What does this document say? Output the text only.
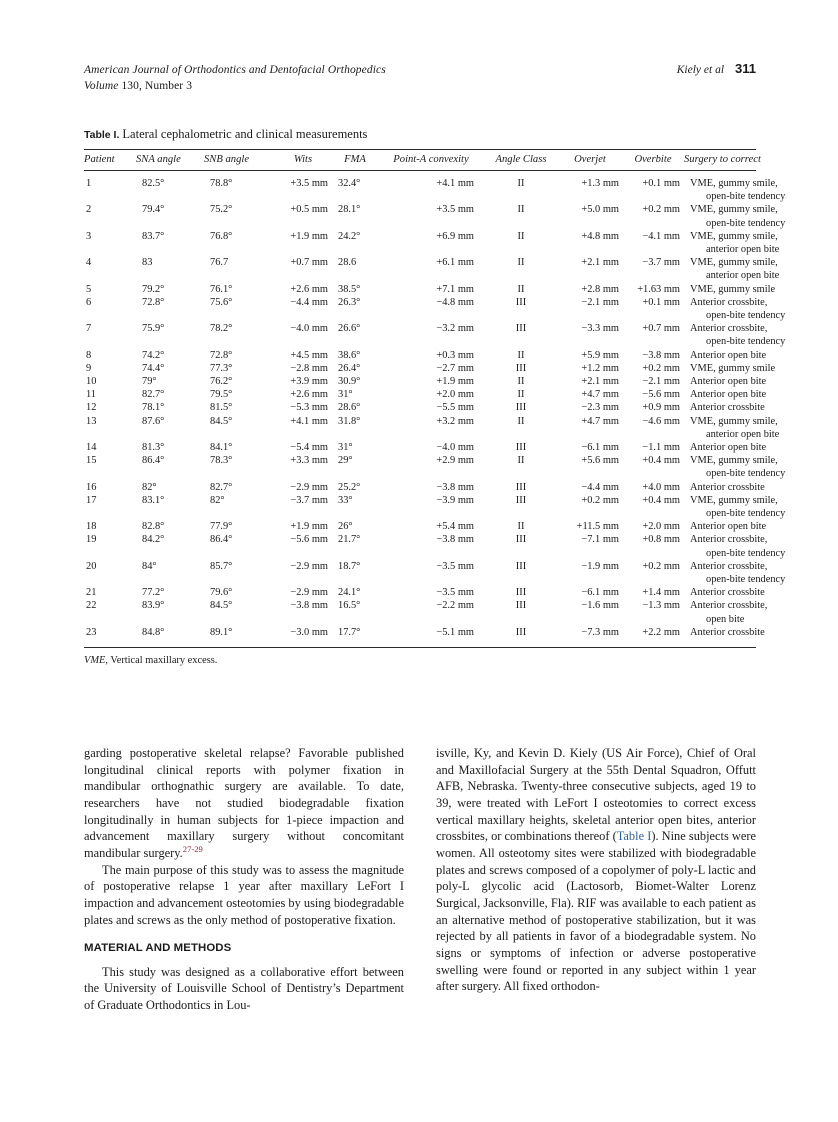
American Journal of Orthodontics and Dentofacial Orthopedics	Kiely et al 311
Volume 130, Number 3
Table I. Lateral cephalometric and clinical measurements
Patient	SNA angle	SNB angle	Wits	FMA	Point-A convexity	Angle Class	Overjet	Overbite	Surgery to correct

1	82.5°	78.8°	+3.5 mm	32.4°	+4.1 mm	II	+1.3 mm	+0.1 mm	VME, gummy smile,
open-bite tendency

2	79.4°	75.2°	+0.5 mm	28.1°	+3.5 mm	II	+5.0 mm	+0.2 mm	VME, gummy smile,
open-bite tendency

3	83.7°	76.8°	+1.9 mm	24.2°	+6.9 mm	II	+4.8 mm	−4.1 mm	VME, gummy smile,
anterior open bite

4	83	76.7	+0.7 mm	28.6	+6.1 mm	II	+2.1 mm	−3.7 mm	VME, gummy smile,
anterior open bite

5	79.2°	76.1°	+2.6 mm	38.5°	+7.1 mm	II	+2.8 mm	+1.63 mm	VME, gummy smile

6	72.8°	75.6°	−4.4 mm	26.3°	−4.8 mm	III	−2.1 mm	+0.1 mm	Anterior crossbite,
open-bite tendency

7	75.9°	78.2°	−4.0 mm	26.6°	−3.2 mm	III	−3.3 mm	+0.7 mm	Anterior crossbite,
open-bite tendency

8	74.2°	72.8°	+4.5 mm	38.6°	+0.3 mm	II	+5.9 mm	−3.8 mm	Anterior open bite

9	74.4°	77.3°	−2.8 mm	26.4°	−2.7 mm	III	+1.2 mm	+0.2 mm	VME, gummy smile

10	79°	76.2°	+3.9 mm	30.9°	+1.9 mm	II	+2.1 mm	−2.1 mm	Anterior open bite

11	82.7°	79.5°	+2.6 mm	31°	+2.0 mm	II	+4.7 mm	−5.6 mm	Anterior open bite

12	78.1°	81.5°	−5.3 mm	28.6°	−5.5 mm	III	−2.3 mm	+0.9 mm	Anterior crossbite

13	87.6°	84.5°	+4.1 mm	31.8°	+3.2 mm	II	+4.7 mm	−4.6 mm	VME, gummy smile,
anterior open bite

14	81.3°	84.1°	−5.4 mm	31°	−4.0 mm	III	−6.1 mm	−1.1 mm	Anterior open bite

15	86.4°	78.3°	+3.3 mm	29°	+2.9 mm	II	+5.6 mm	+0.4 mm	VME, gummy smile,
open-bite tendency

16	82°	82.7°	−2.9 mm	25.2°	−3.8 mm	III	−4.4 mm	+4.0 mm	Anterior crossbite

17	83.1°	82°	−3.7 mm	33°	−3.9 mm	III	+0.2 mm	+0.4 mm	VME, gummy smile,
open-bite tendency

18	82.8°	77.9°	+1.9 mm	26°	+5.4 mm	II	+11.5 mm	+2.0 mm	Anterior open bite

19	84.2°	86.4°	−5.6 mm	21.7°	−3.8 mm	III	−7.1 mm	+0.8 mm	Anterior crossbite,
open-bite tendency

20	84°	85.7°	−2.9 mm	18.7°	−3.5 mm	III	−1.9 mm	+0.2 mm	Anterior crossbite,
open-bite tendency

21	77.2°	79.6°	−2.9 mm	24.1°	−3.5 mm	III	−6.1 mm	+1.4 mm	Anterior crossbite

22	83.9°	84.5°	−3.8 mm	16.5°	−2.2 mm	III	−1.6 mm	−1.3 mm	Anterior crossbite,
open bite

23	84.8°	89.1°	−3.0 mm	17.7°	−5.1 mm	III	−7.3 mm	+2.2 mm	Anterior crossbite
VME, Vertical maxillary excess.

garding postoperative skeletal relapse? Favorable published longitudinal clinical reports with polymer fixation in mandibular orthognathic surgery are available. To date, researchers have not studied biodegradable fixation longitudinally in human subjects for 1-piece impaction and advancement maxillary surgery without concomitant mandibular surgery.$^{27-29}$

The main purpose of this study was to assess the magnitude of postoperative relapse 1 year after maxillary LeFort I impaction and advancement osteotomies by using biodegradable plates and screws as the only method of postoperative fixation.

MATERIAL AND METHODS

This study was designed as a collaborative effort between the University of Louisville School of Dentistry’s Department of Graduate Orthodontics in Lou-

isville, Ky, and Kevin D. Kiely (US Air Force), Chief of Oral and Maxillofacial Surgery at the 55th Dental Squadron, Offutt AFB, Nebraska. Twenty-three consecutive subjects, aged 19 to 39, were treated with LeFort I osteotomies to correct excess vertical maxillary heights, skeletal anterior open bites, anterior crossbites, or combinations thereof (Table I). Nine subjects were women. All osteotomy sites were stabilized with biodegradable plates and screws composed of a copolymer of poly-L lactic and poly-L glycolic acid (Lactosorb, Biomet-Walter Lorenz Surgical, Jacksonville, Fla). RIF was available to each patient as an alternative method of postoperative stabilization, but it was rejected by all patients in favor of a biodegradable system. No signs or symptoms of infection or adverse postoperative swelling were found or reported in any subject within 1 year after surgery. All fixed orthodon-
